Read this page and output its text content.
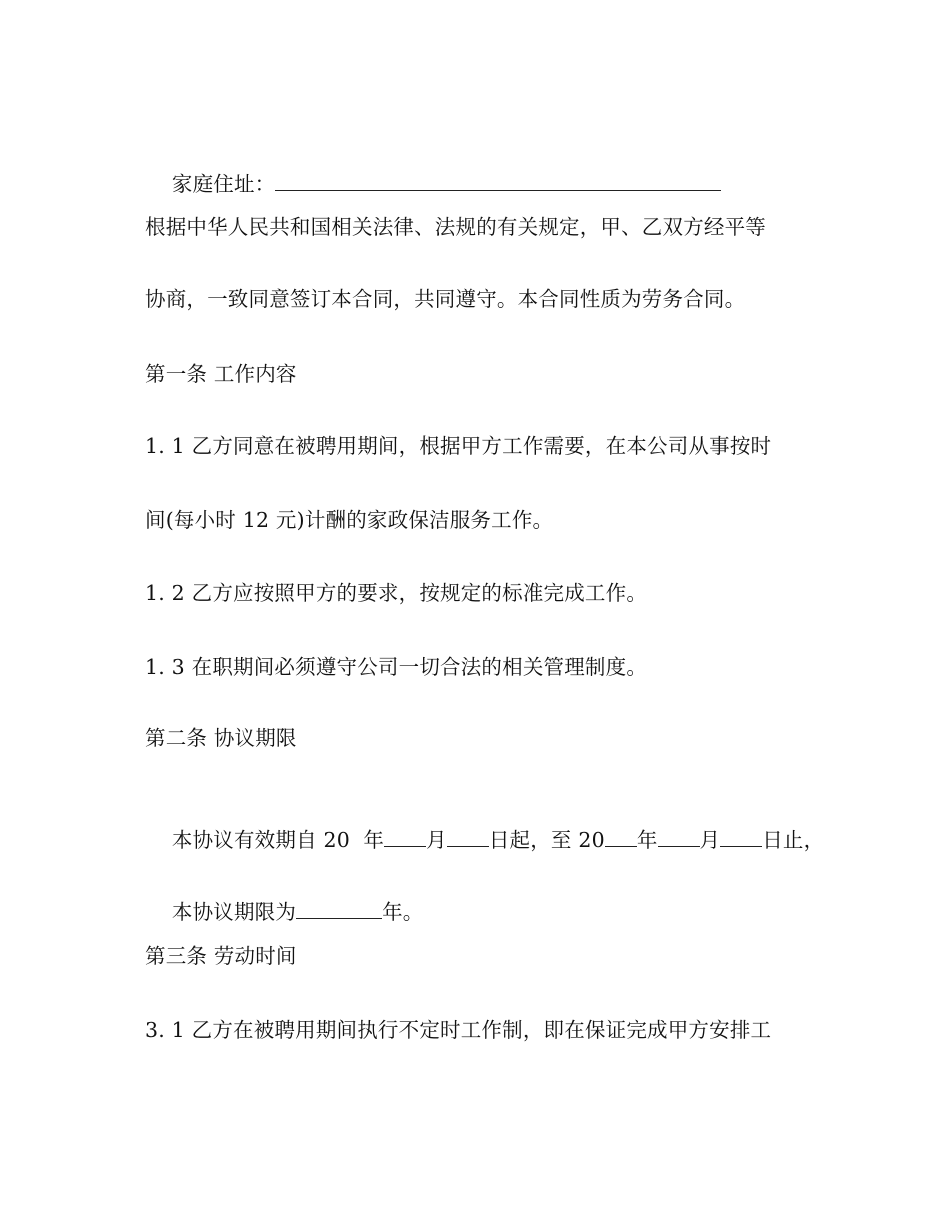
家庭住址：

根据中华人民共和国相关法律、法规的有关规定，甲、乙双方经平等
协商，一致同意签订本合同，共同遵守。本合同性质为劳务合同。
第一条 工作内容
1. 1 乙方同意在被聘用期间，根据甲方工作需要，在本公司从事按时
间(每小时 12 元)计酬的家政保洁服务工作。
1. 2 乙方应按照甲方的要求，按规定的标准完成工作。
1. 3 在职期间必须遵守公司一切合法的相关管理制度。
第二条 协议期限

本协议有效期自 20  年 月 日起，至 20 年 月 日止，

本协议期限为	年。

第三条 劳动时间
3. 1 乙方在被聘用期间执行不定时工作制，即在保证完成甲方安排工
